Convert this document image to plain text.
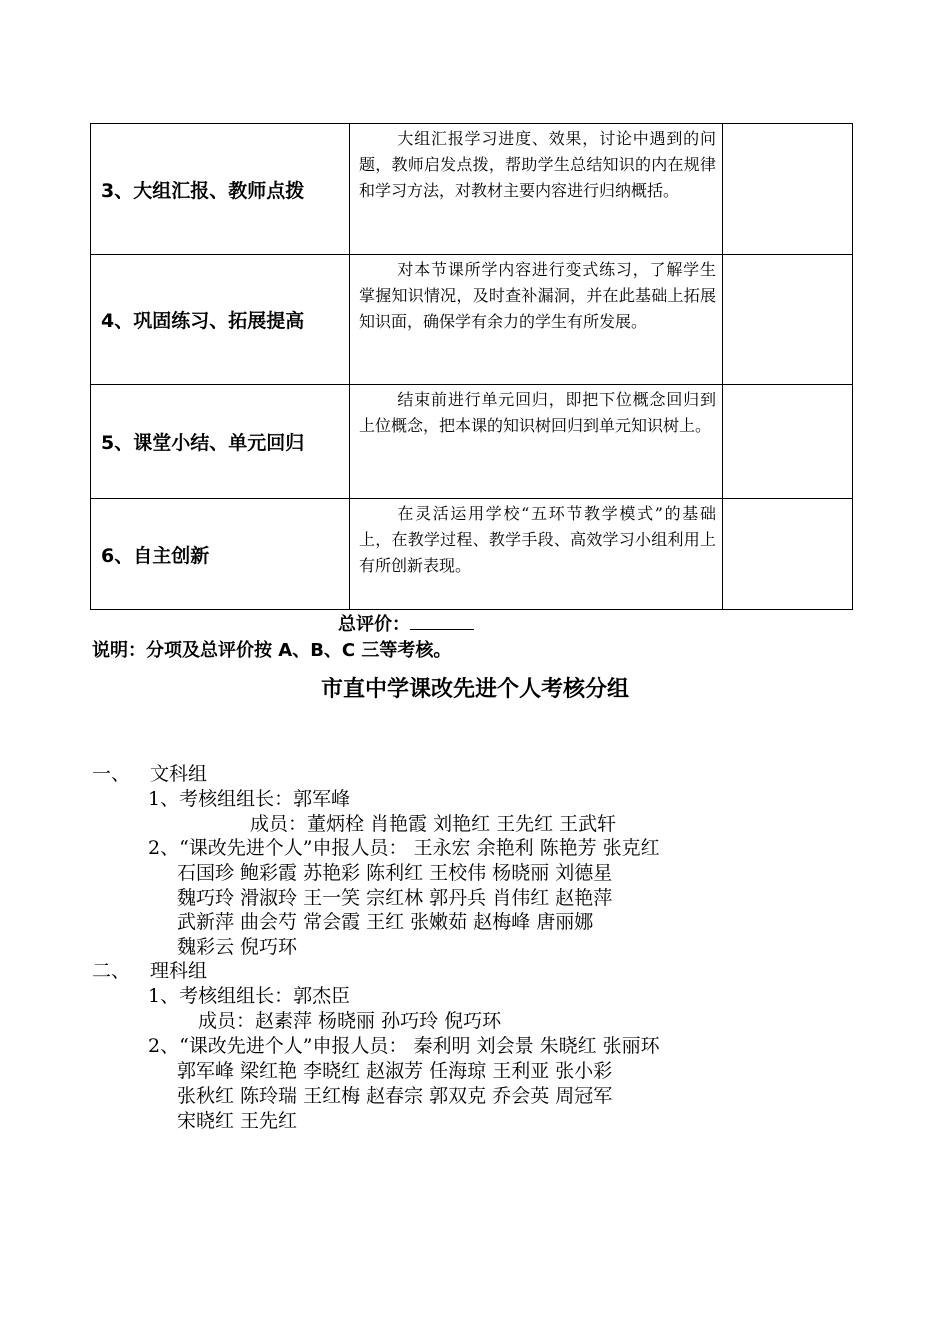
3、大组汇报、教师点拨	大组汇报学习进度、效果，讨论中遇到的问题，教师启发点拨，帮助学生总结知识的内在规律和学习方法，对教材主要内容进行归纳概括。	
4、巩固练习、拓展提高	对本节课所学内容进行变式练习，了解学生掌握知识情况，及时查补漏洞，并在此基础上拓展知识面，确保学有余力的学生有所发展。	
5、课堂小结、单元回归	结束前进行单元回归，即把下位概念回归到上位概念，把本课的知识树回归到单元知识树上。	
6、自主创新	在灵活运用学校“五环节教学模式”的基础上，在教学过程、教学手段、高效学习小组利用上有所创新表现。	
总评价：
说明：分项及总评价按 A、B、C 三等考核。
市直中学课改先进个人考核分组
一、 文科组
1、考核组组长：郭军峰
成员：董炳栓 肖艳霞 刘艳红 王先红 王武轩
2、“课改先进个人”申报人员： 王永宏 余艳利 陈艳芳 张克红
石国珍 鲍彩霞 苏艳彩 陈利红 王校伟 杨晓丽 刘德星
魏巧玲 滑淑玲 王一笑 宗红林 郭丹兵 肖伟红 赵艳萍
武新萍 曲会芍 常会霞 王红 张嫩茹 赵梅峰 唐丽娜
魏彩云 倪巧环
二、 理科组
1、考核组组长：郭杰臣
成员：赵素萍 杨晓丽 孙巧玲 倪巧环
2、“课改先进个人”申报人员： 秦利明 刘会景 朱晓红 张丽环
郭军峰 梁红艳 李晓红 赵淑芳 任海琼 王利亚 张小彩
张秋红 陈玲瑞 王红梅 赵春宗 郭双克 乔会英 周冠军
宋晓红 王先红
